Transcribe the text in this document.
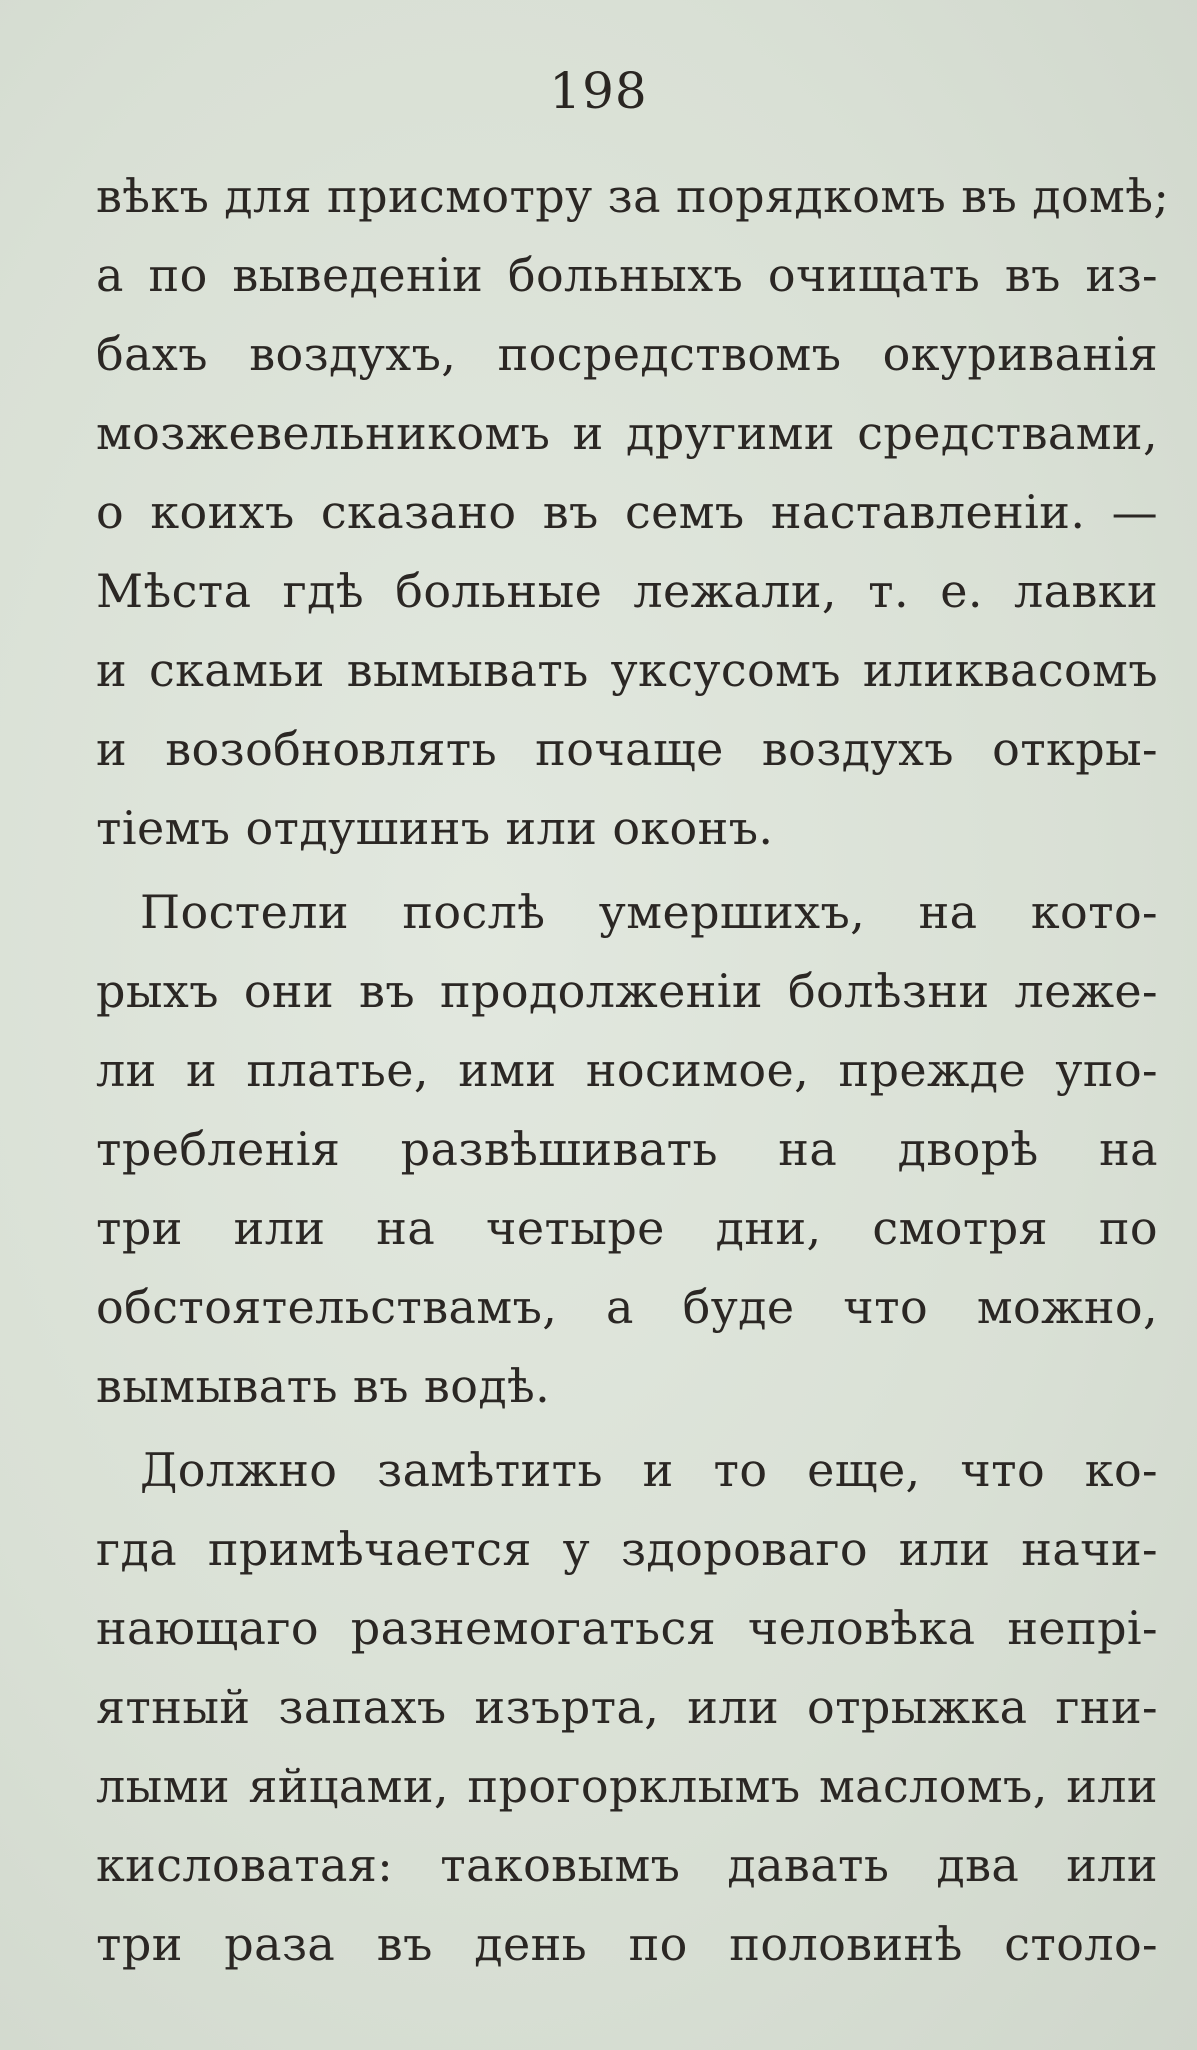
198
вѣкъ для присмотру за порядкомъ въ домѣ;
а по выведеніи больныхъ очищать въ из-
бахъ воздухъ, посредствомъ окуриванія
мозжевельникомъ и другими средствами,
о коихъ сказано въ семъ наставленіи. —
Мѣста гдѣ больные лежали, т. е. лавки
и скамьи вымывать уксусомъ иликвасомъ
и возобновлять почаще воздухъ откры-
тіемъ отдушинъ или оконъ.
Постели послѣ умершихъ, на кото-
рыхъ они въ продолженіи болѣзни леже-
ли и платье, ими носимое, прежде упо-
требленія развѣшивать на дворѣ на
три или на четыре дни, смотря по
обстоятельствамъ, а буде что можно,
вымывать въ водѣ.
Должно замѣтить и то еще, что ко-
гда примѣчается у здороваго или начи-
нающаго разнемогаться человѣка непрі-
ятный запахъ изърта, или отрыжка гни-
лыми яйцами, прогорклымъ масломъ, или
кисловатая: таковымъ давать два или
три раза въ день по половинѣ столо-
